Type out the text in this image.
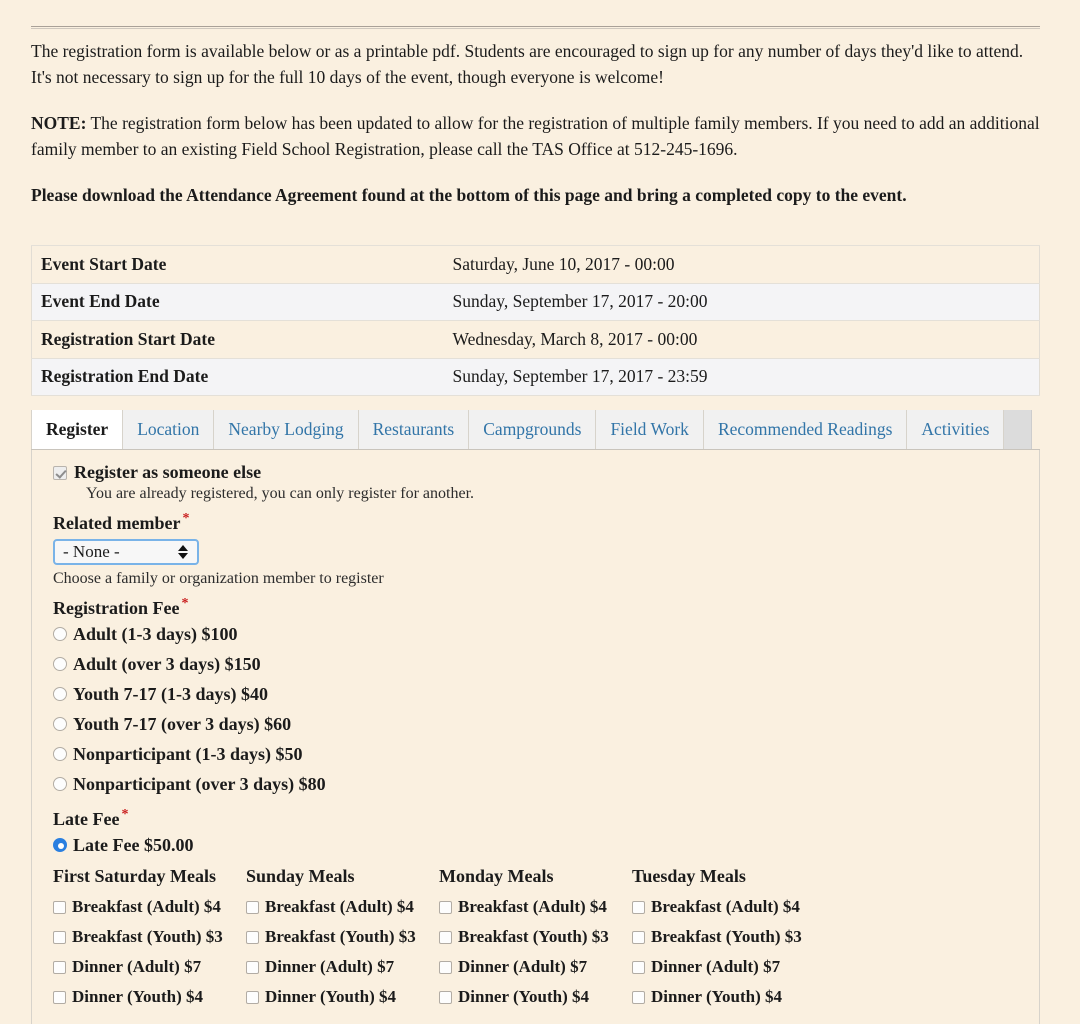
The registration form is available below or as a printable pdf. Students are encouraged to sign up for any number of days they'd like to attend. It's not necessary to sign up for the full 10 days of the event, though everyone is welcome!

NOTE: The registration form below has been updated to allow for the registration of multiple family members. If you need to add an additional family member to an existing Field School Registration, please call the TAS Office at 512-245-1696.

Please download the Attendance Agreement found at the bottom of this page and bring a completed copy to the event.

Event Start Date	Saturday, June 10, 2017 - 00:00
Event End Date	Sunday, September 17, 2017 - 20:00
Registration Start Date	Wednesday, March 8, 2017 - 00:00
Registration End Date	Sunday, September 17, 2017 - 23:59
Register	Location	Nearby Lodging	Restaurants	Campgrounds	Field Work	Recommended Readings	Activities
Register as someone else
You are already registered, you can only register for another.
Related member *
- None -
Choose a family or organization member to register
Registration Fee *
Adult (1-3 days) $100
Adult (over 3 days) $150
Youth 7-17 (1-3 days) $40
Youth 7-17 (over 3 days) $60
Nonparticipant (1-3 days) $50
Nonparticipant (over 3 days) $80
Late Fee *
Late Fee $50.00
First Saturday Meals
Breakfast (Adult) $4
Breakfast (Youth) $3
Dinner (Adult) $7
Dinner (Youth) $4
Sunday Meals
Breakfast (Adult) $4
Breakfast (Youth) $3
Dinner (Adult) $7
Dinner (Youth) $4
Monday Meals
Breakfast (Adult) $4
Breakfast (Youth) $3
Dinner (Adult) $7
Dinner (Youth) $4
Tuesday Meals
Breakfast (Adult) $4
Breakfast (Youth) $3
Dinner (Adult) $7
Dinner (Youth) $4
